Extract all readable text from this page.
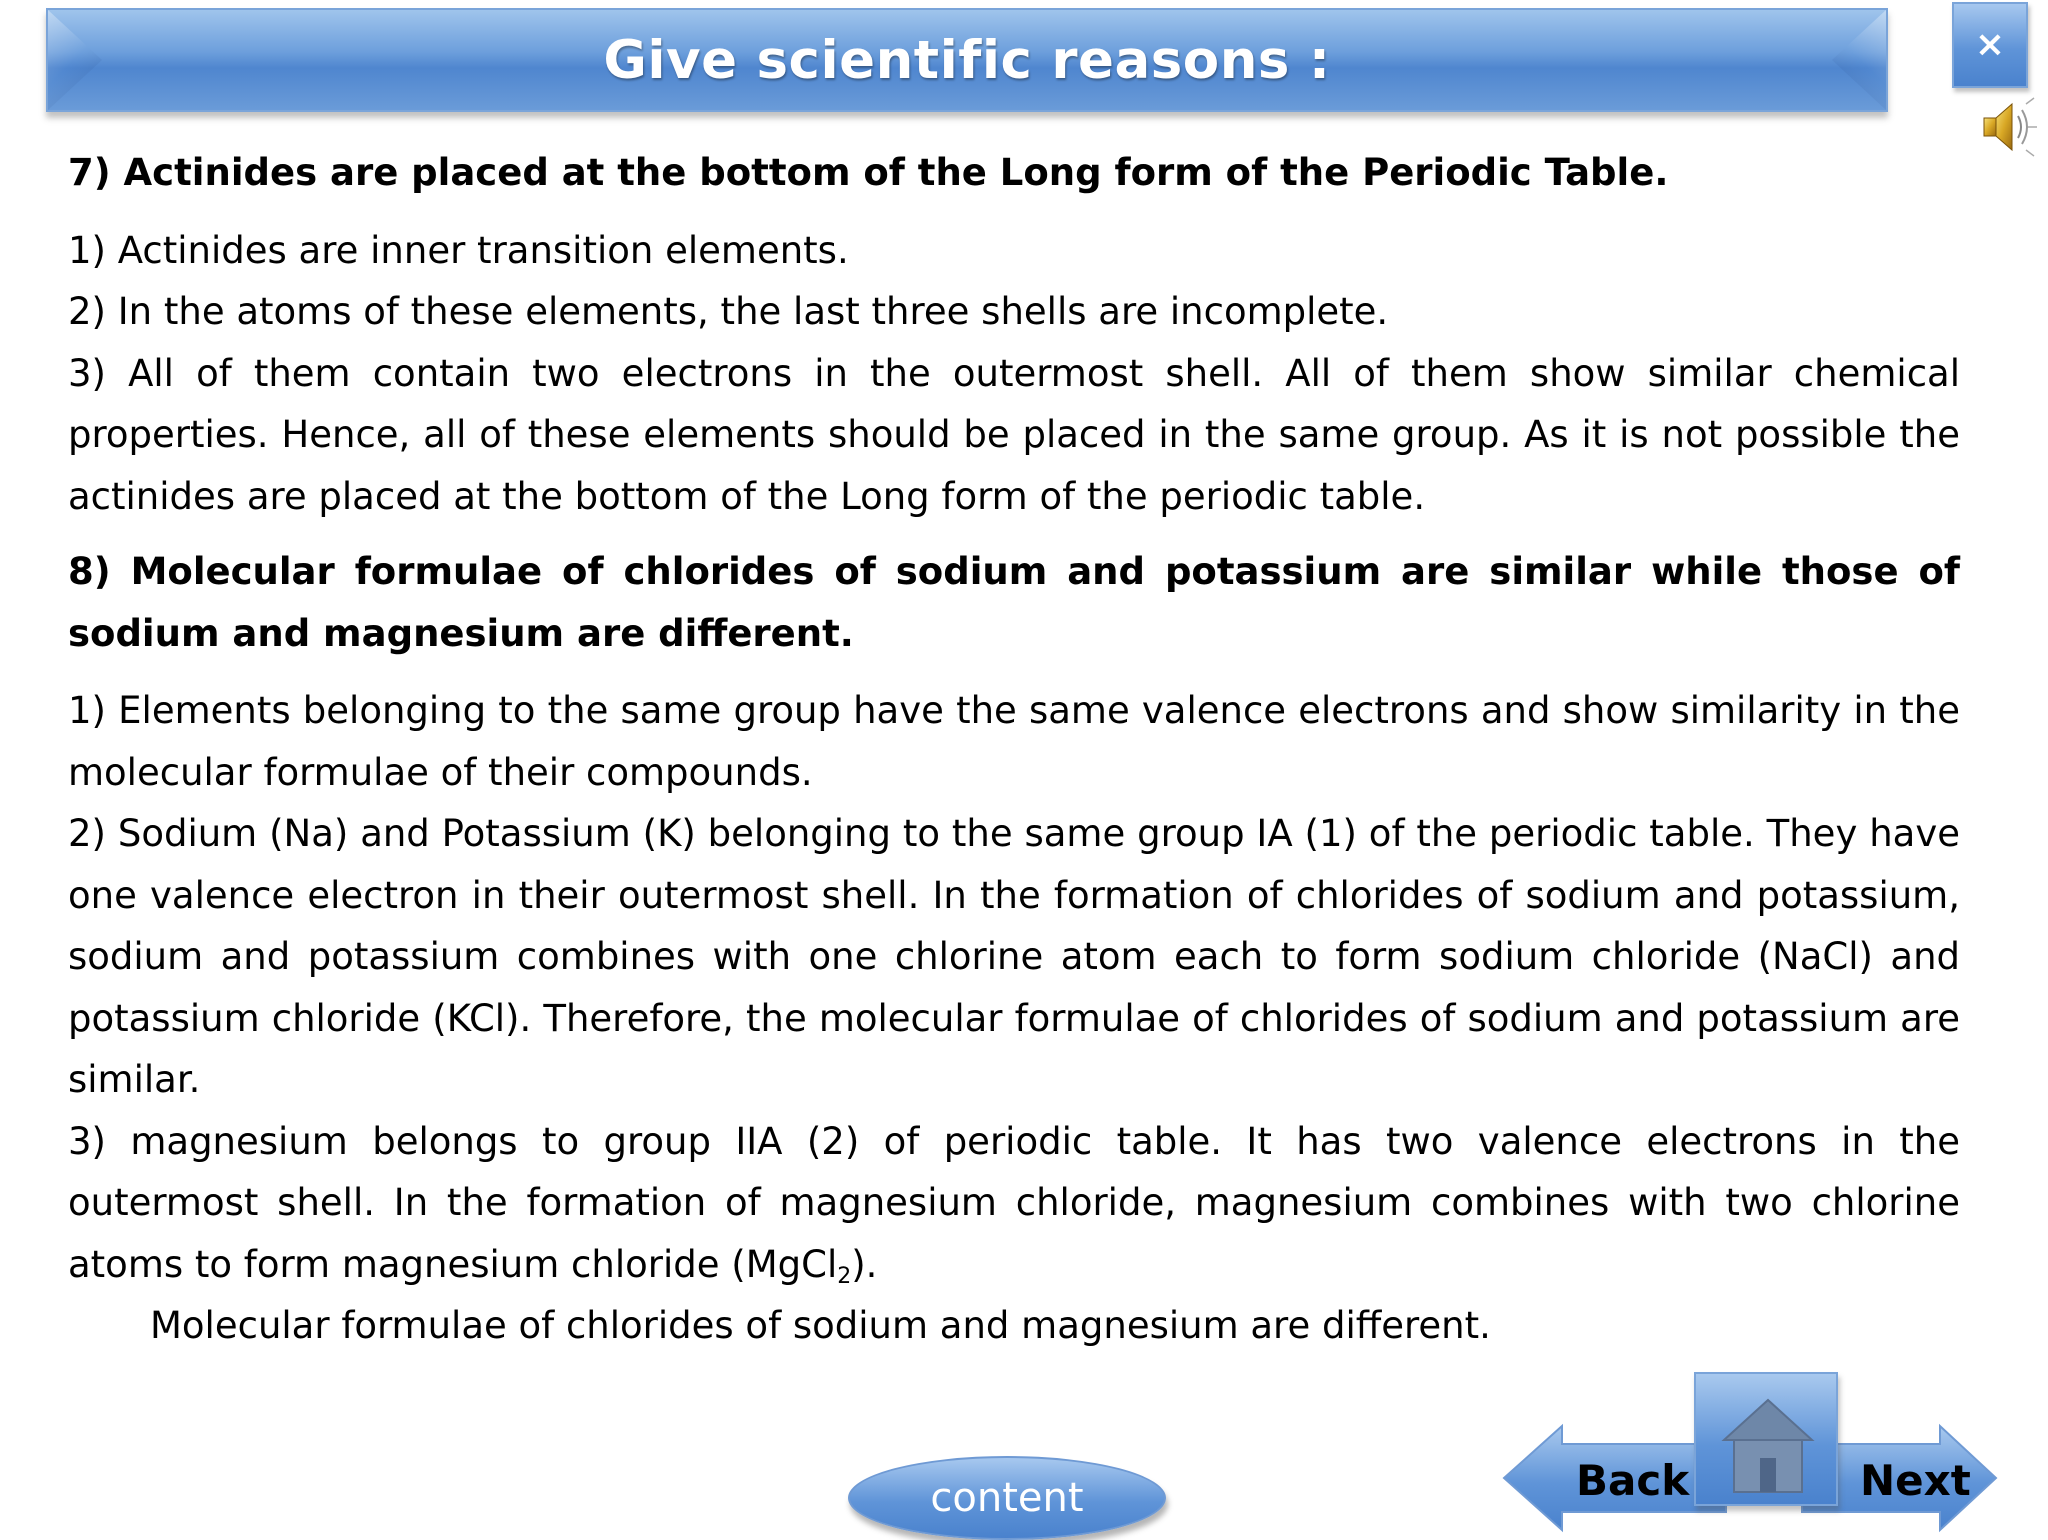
Give scientific reasons :	×

7) Actinides are placed at the bottom of the Long form of the Periodic Table.

1) Actinides are inner transition elements.

2) In the atoms of these elements, the last three shells are incomplete.

3) All of them contain two electrons in the outermost shell. All of them show similar chemical properties. Hence, all of these elements should be placed in the same group. As it is not possible the actinides are placed at the bottom of the Long form of the periodic table.

8) Molecular formulae of chlorides of sodium and potassium are similar while those of sodium and magnesium are different.

1) Elements belonging to the same group have the same valence electrons and show similarity in the molecular formulae of their compounds.

2) Sodium (Na) and Potassium (K) belonging to the same group IA (1) of the periodic table. They have one valence electron in their outermost shell. In the formation of chlorides of sodium and potassium, sodium and potassium combines with one chlorine atom each to form sodium chloride (NaCl) and potassium chloride (KCl). Therefore, the molecular formulae of chlorides of sodium and potassium are similar.

3) magnesium belongs to group IIA (2) of periodic table. It has two valence electrons in the outermost shell. In the formation of magnesium chloride, magnesium combines with two chlorine atoms to form magnesium chloride (MgCl$_2$).

Molecular formulae of chlorides of sodium and magnesium are different.

content	Back	Next
